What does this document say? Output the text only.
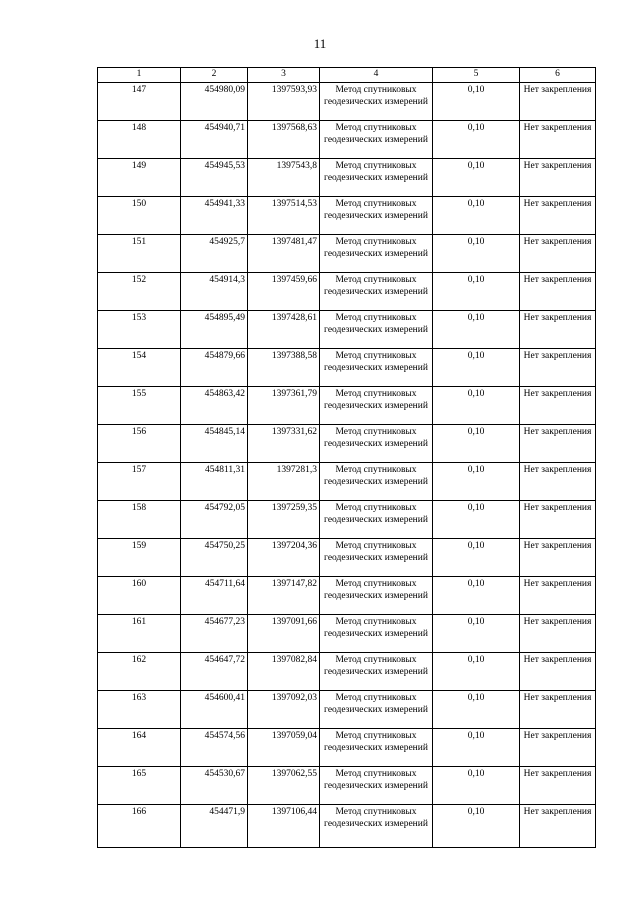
11
1	2	3	4	5	6
147	454980,09	1397593,93	Метод спутниковых геодезических измерений	0,10	Нет закрепления
148	454940,71	1397568,63	Метод спутниковых геодезических измерений	0,10	Нет закрепления
149	454945,53	1397543,8	Метод спутниковых геодезических измерений	0,10	Нет закрепления
150	454941,33	1397514,53	Метод спутниковых геодезических измерений	0,10	Нет закрепления
151	454925,7	1397481,47	Метод спутниковых геодезических измерений	0,10	Нет закрепления
152	454914,3	1397459,66	Метод спутниковых геодезических измерений	0,10	Нет закрепления
153	454895,49	1397428,61	Метод спутниковых геодезических измерений	0,10	Нет закрепления
154	454879,66	1397388,58	Метод спутниковых геодезических измерений	0,10	Нет закрепления
155	454863,42	1397361,79	Метод спутниковых геодезических измерений	0,10	Нет закрепления
156	454845,14	1397331,62	Метод спутниковых геодезических измерений	0,10	Нет закрепления
157	454811,31	1397281,3	Метод спутниковых геодезических измерений	0,10	Нет закрепления
158	454792,05	1397259,35	Метод спутниковых геодезических измерений	0,10	Нет закрепления
159	454750,25	1397204,36	Метод спутниковых геодезических измерений	0,10	Нет закрепления
160	454711,64	1397147,82	Метод спутниковых геодезических измерений	0,10	Нет закрепления
161	454677,23	1397091,66	Метод спутниковых геодезических измерений	0,10	Нет закрепления
162	454647,72	1397082,84	Метод спутниковых геодезических измерений	0,10	Нет закрепления
163	454600,41	1397092,03	Метод спутниковых геодезических измерений	0,10	Нет закрепления
164	454574,56	1397059,04	Метод спутниковых геодезических измерений	0,10	Нет закрепления
165	454530,67	1397062,55	Метод спутниковых геодезических измерений	0,10	Нет закрепления
166	454471,9	1397106,44	Метод спутниковых геодезических измерений	0,10	Нет закрепления
